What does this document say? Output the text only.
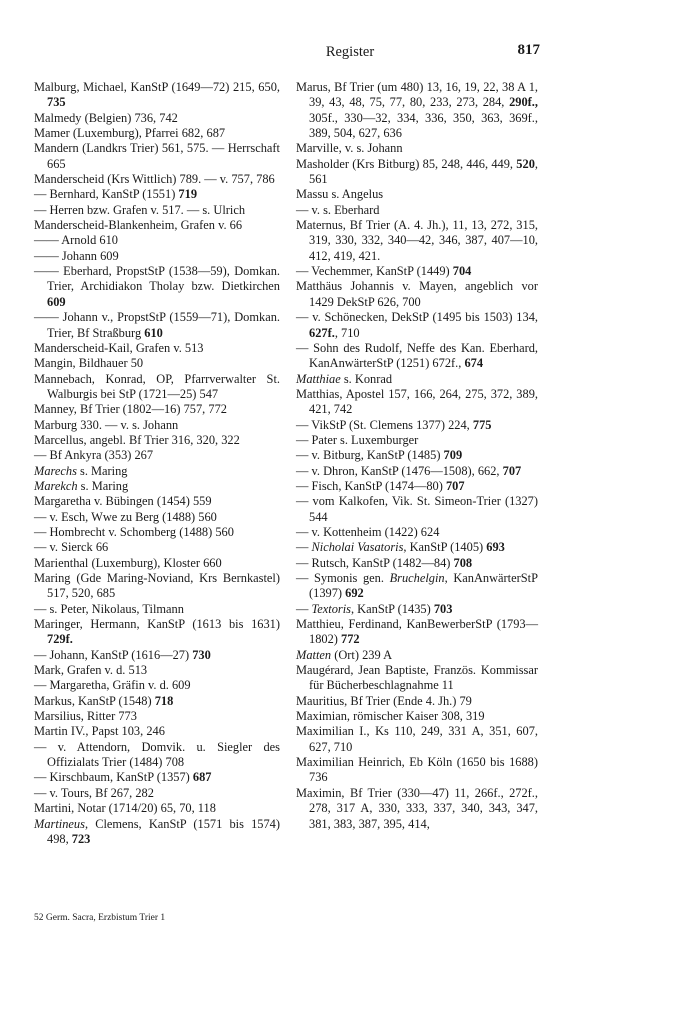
Register	817

Malburg, Michael, KanStP (1649—72) 215, 650, 735

Malmedy (Belgien) 736, 742

Mamer (Luxemburg), Pfarrei 682, 687

Mandern (Landkrs Trier) 561, 575. — Herrschaft 665

Manderscheid (Krs Wittlich) 789. — v. 757, 786

— Bernhard, KanStP (1551) 719

— Herren bzw. Grafen v. 517. — s. Ulrich

Manderscheid-Blankenheim, Grafen v. 66

—— Arnold 610

—— Johann 609

—— Eberhard, PropstStP (1538—59), Domkan. Trier, Archidiakon Tholay bzw. Dietkirchen 609

—— Johann v., PropstStP (1559—71), Domkan. Trier, Bf Straßburg 610

Manderscheid-Kail, Grafen v. 513

Mangin, Bildhauer 50

Mannebach, Konrad, OP, Pfarrverwalter St. Walburgis bei StP (1721—25) 547

Manney, Bf Trier (1802—16) 757, 772

Marburg 330. — v. s. Johann

Marcellus, angebl. Bf Trier 316, 320, 322

— Bf Ankyra (353) 267

Marechs s. Maring

Marekch s. Maring

Margaretha v. Bübingen (1454) 559

— v. Esch, Wwe zu Berg (1488) 560

— Hombrecht v. Schomberg (1488) 560

— v. Sierck 66

Marienthal (Luxemburg), Kloster 660

Maring (Gde Maring-Noviand, Krs Bernkastel) 517, 520, 685

— s. Peter, Nikolaus, Tilmann

Maringer, Hermann, KanStP (1613 bis 1631) 729f.

— Johann, KanStP (1616—27) 730

Mark, Grafen v. d. 513

— Margaretha, Gräfin v. d. 609

Markus, KanStP (1548) 718

Marsilius, Ritter 773

Martin IV., Papst 103, 246

— v. Attendorn, Domvik. u. Siegler des Offizialats Trier (1484) 708

— Kirschbaum, KanStP (1357) 687

— v. Tours, Bf 267, 282

Martini, Notar (1714/20) 65, 70, 118

Martineus, Clemens, KanStP (1571 bis 1574) 498, 723

Marus, Bf Trier (um 480) 13, 16, 19, 22, 38 A 1, 39, 43, 48, 75, 77, 80, 233, 273, 284, 290f., 305f., 330—32, 334, 336, 350, 363, 369f., 389, 504, 627, 636

Marville, v. s. Johann

Masholder (Krs Bitburg) 85, 248, 446, 449, 520, 561

Massu s. Angelus

— v. s. Eberhard

Maternus, Bf Trier (A. 4. Jh.), 11, 13, 272, 315, 319, 330, 332, 340—42, 346, 387, 407—10, 412, 419, 421.

— Vechemmer, KanStP (1449) 704

Matthäus Johannis v. Mayen, angeblich vor 1429 DekStP 626, 700

— v. Schönecken, DekStP (1495 bis 1503) 134, 627f., 710

— Sohn des Rudolf, Neffe des Kan. Eberhard, KanAnwärterStP (1251) 672f., 674

Matthiae s. Konrad

Matthias, Apostel 157, 166, 264, 275, 372, 389, 421, 742

— VikStP (St. Clemens 1377) 224, 775

— Pater s. Luxemburger

— v. Bitburg, KanStP (1485) 709

— v. Dhron, KanStP (1476—1508), 662, 707

— Fisch, KanStP (1474—80) 707

— vom Kalkofen, Vik. St. Simeon-Trier (1327) 544

— v. Kottenheim (1422) 624

— Nicholai Vasatoris, KanStP (1405) 693

— Rutsch, KanStP (1482—84) 708

— Symonis gen. Bruchelgin, KanAnwärterStP (1397) 692

— Textoris, KanStP (1435) 703

Matthieu, Ferdinand, KanBewerberStP (1793—1802) 772

Matten (Ort) 239 A

Maugérard, Jean Baptiste, Französ. Kommissar für Bücherbeschlagnahme 11

Mauritius, Bf Trier (Ende 4. Jh.) 79

Maximian, römischer Kaiser 308, 319

Maximilian I., Ks 110, 249, 331 A, 351, 607, 627, 710

Maximilian Heinrich, Eb Köln (1650 bis 1688) 736

Maximin, Bf Trier (330—47) 11, 266f., 272f., 278, 317 A, 330, 333, 337, 340, 343, 347, 381, 383, 387, 395, 414,

52 Germ. Sacra, Erzbistum Trier 1
